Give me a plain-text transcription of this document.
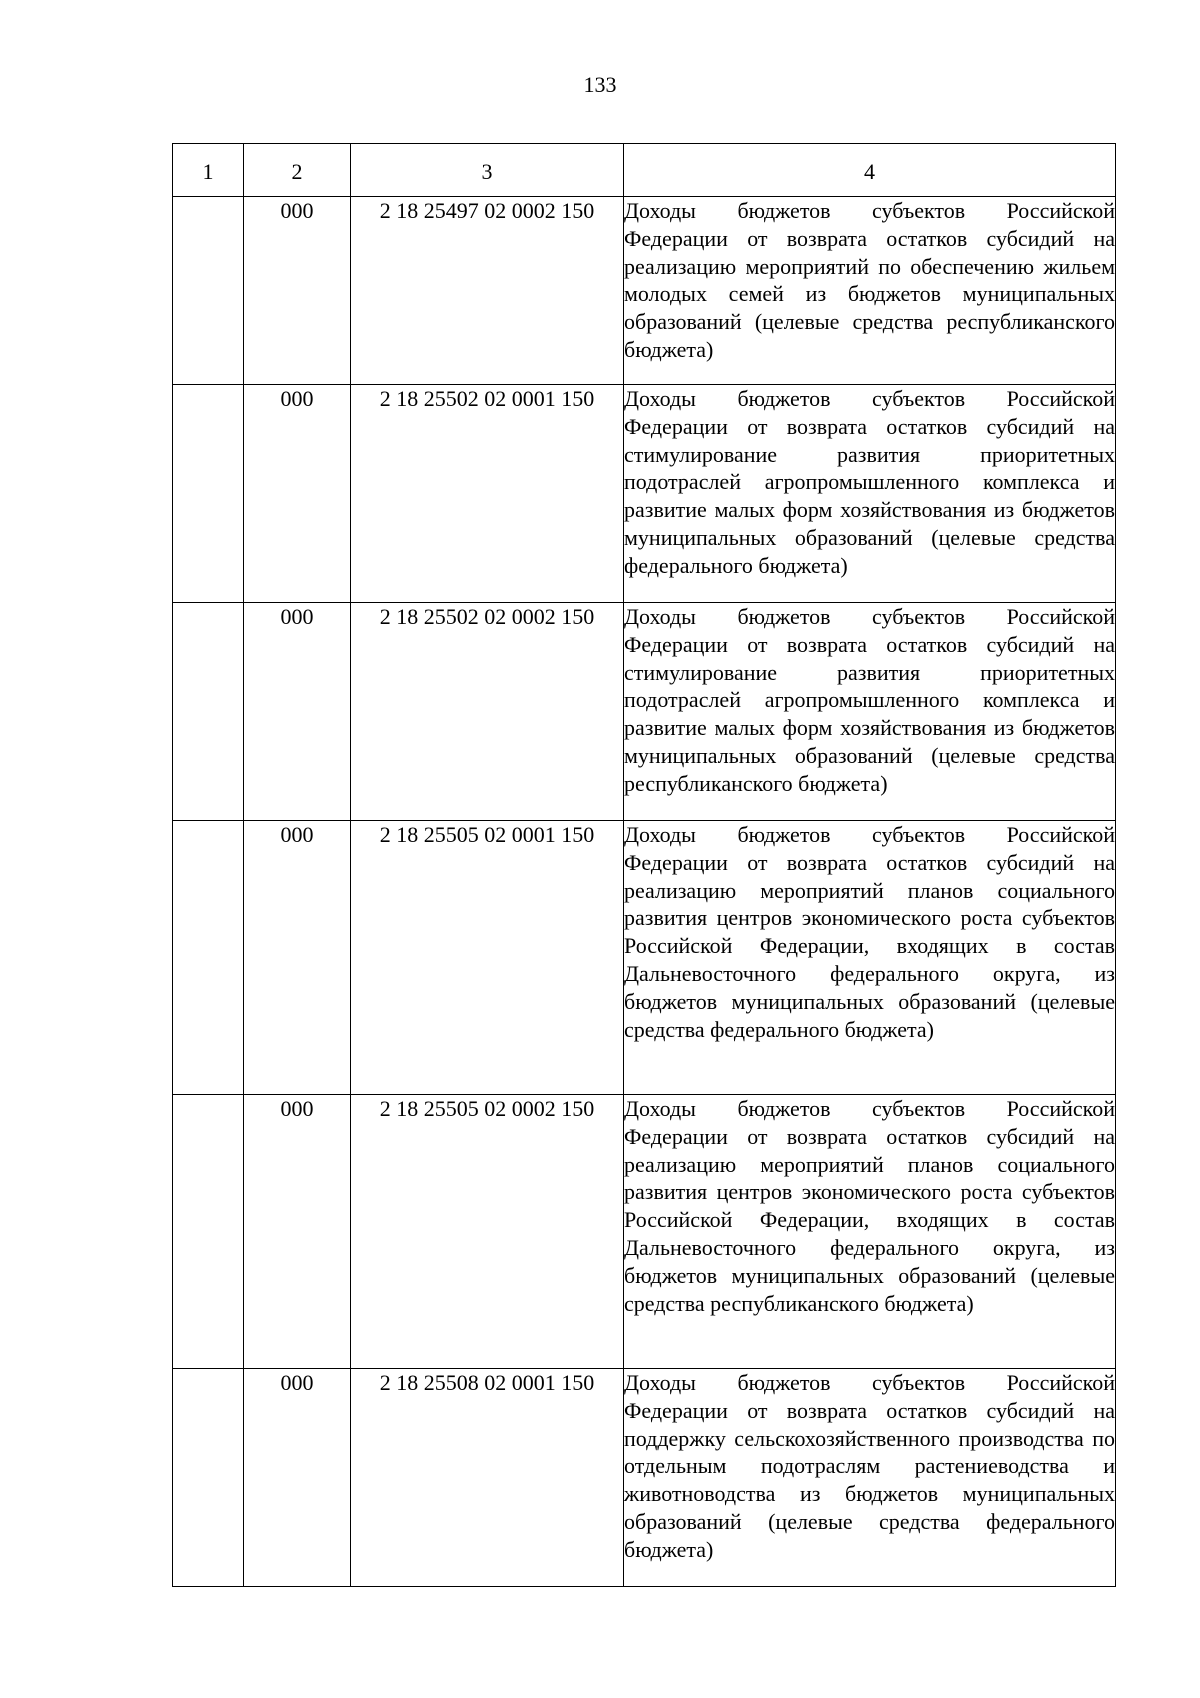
133
1	2	3	4
	000	2 18 25497 02 0002 150	Доходы бюджетов субъектов Российской Федерации от возврата остатков субсидий на реализацию мероприятий по обеспечению жильем молодых семей из бюджетов муниципальных образований (целевые средства республиканского бюджета)
	000	2 18 25502 02 0001 150	Доходы бюджетов субъектов Российской Федерации от возврата остатков субсидий на стимулирование развития приоритетных подотраслей агропромышленного комплекса и развитие малых форм хозяйствования из бюджетов муниципальных образований (целевые средства федерального бюджета)
	000	2 18 25502 02 0002 150	Доходы бюджетов субъектов Российской Федерации от возврата остатков субсидий на стимулирование развития приоритетных подотраслей агропромышленного комплекса и развитие малых форм хозяйствования из бюджетов муниципальных образований (целевые средства республиканского бюджета)
	000	2 18 25505 02 0001 150	Доходы бюджетов субъектов Российской Федерации от возврата остатков субсидий на реализацию мероприятий планов социального развития центров экономического роста субъектов Российской Федерации, входящих в состав Дальневосточного федерального округа, из бюджетов муниципальных образований (целевые средства федерального бюджета)
	000	2 18 25505 02 0002 150	Доходы бюджетов субъектов Российской Федерации от возврата остатков субсидий на реализацию мероприятий планов социального развития центров экономического роста субъектов Российской Федерации, входящих в состав Дальневосточного федерального округа, из бюджетов муниципальных образований (целевые средства республиканского бюджета)
	000	2 18 25508 02 0001 150	Доходы бюджетов субъектов Российской Федерации от возврата остатков субсидий на поддержку сельскохозяйственного производства по отдельным подотраслям растениеводства и животноводства из бюджетов муниципальных образований (целевые средства федерального бюджета)
